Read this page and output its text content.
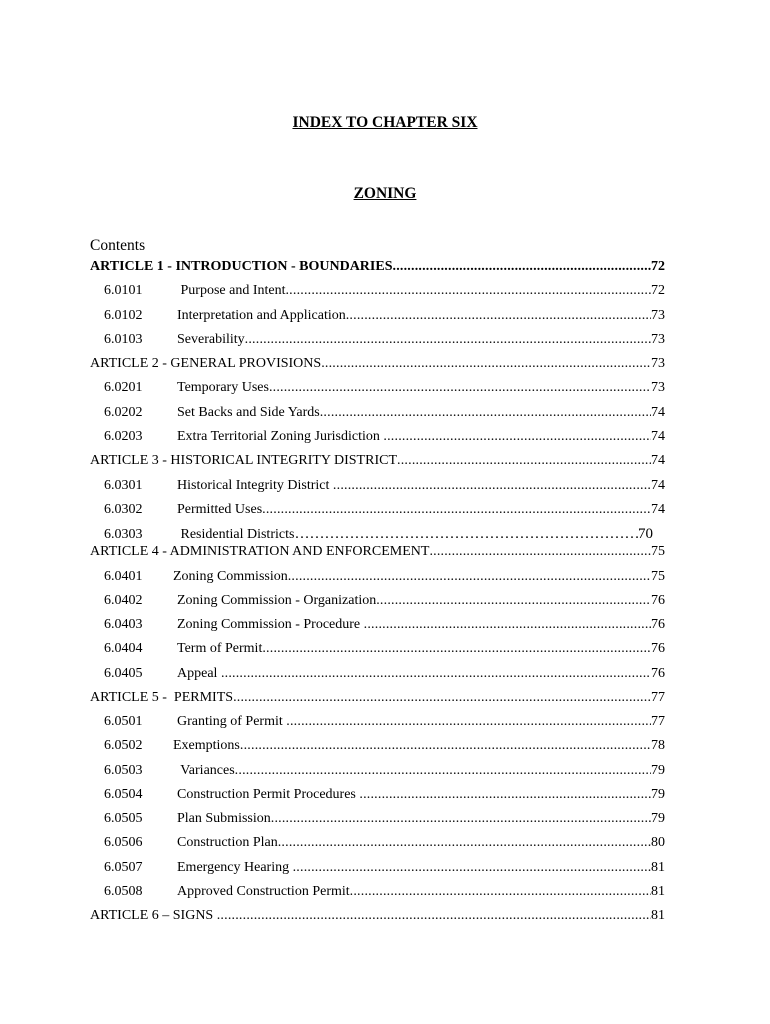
INDEX TO CHAPTER SIX
ZONING
Contents
ARTICLE 1 - INTRODUCTION - BOUNDARIES .....	72
6.0101	Purpose and Intent .....	72
6.0102	Interpretation and Application .....	73
6.0103	Severability .....	73
ARTICLE 2 - GENERAL PROVISIONS .....	73
6.0201	Temporary Uses .....	73
6.0202	Set Backs and Side Yards .....	74
6.0203	Extra Territorial Zoning Jurisdiction .....	74
ARTICLE 3 - HISTORICAL INTEGRITY DISTRICT .....	74
6.0301	Historical Integrity District .....	74
6.0302	Permitted Uses .....	74
6.0303	Residential Districts …………………………………………………………………………………………	70
ARTICLE 4 - ADMINISTRATION AND ENFORCEMENT .....	75
6.0401	Zoning Commission .....	75
6.0402	Zoning Commission - Organization .....	76
6.0403	Zoning Commission - Procedure .....	76
6.0404	Term of Permit .....	76
6.0405	Appeal .....	76
ARTICLE 5 -  PERMITS .....	77
6.0501	Granting of Permit .....	77
6.0502	Exemptions .....	78
6.0503	Variances .....	79
6.0504	Construction Permit Procedures .....	79
6.0505	Plan Submission .....	79
6.0506	Construction Plan .....	80
6.0507	Emergency Hearing .....	81
6.0508	Approved Construction Permit .....	81
ARTICLE 6 – SIGNS .....	81
